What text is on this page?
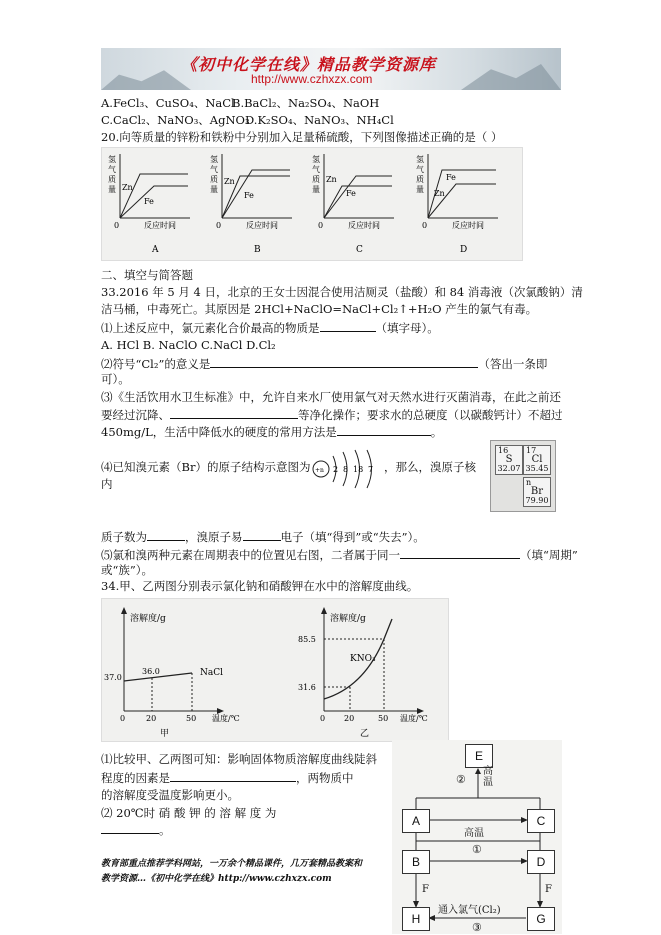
《初中化学在线》精品教学资源库
http://www.czhxzx.com
A.FeCl₃、CuSO₄、NaCl
B.BaCl₂、Na₂SO₄、NaOH
C.CaCl₂、NaNO₃、AgNO₃
D.K₂SO₄、NaNO₃、NH₄Cl
20.向等质量的锌粉和铁粉中分别加入足量稀硫酸，下列图像描述正确的是（ ）
氢
气
质
量 Zn
Fe
0	反应时间
A
氢
气
质
量
Zn
Fe
0	反应时间
B
氢
气
质
量
Zn
Fe
0	反应时间
C
氢
气
质
量
Fe
Zn
0	反应时间
D
二、填空与简答题
33.2016 年 5 月 4 日，北京的王女士因混合使用洁厕灵（盐酸）和 84 消毒液（次氯酸钠）清
洁马桶，中毒死亡。其原因是 2HCl+NaClO=NaCl+Cl₂↑+H₂O 产生的氯气有毒。
⑴上述反应中，氯元素化合价最高的物质是	（填字母）。
A. HCl B. NaClO C.NaCl D.Cl₂
⑵符号“Cl₂”的意义是	（答出一条即
可）。
⑶《生活饮用水卫生标准》中，允许自来水厂使用氯气对天然水进行灭菌消毒，在此之前还
要经过沉降、	等净化操作；要求水的总硬度（以碳酸钙计）不超过
450mg/L，生活中降低水的硬度的常用方法是	。
⑷已知溴元素（Br）的原子结构示意图为 +n 2 8 18 7 ，那么，溴原子核
内
16
S
32.07
17
Cl
35.45
n
Br
79.90
质子数为	，溴原子易	电子（填“得到”或“失去”）。
⑸氯和溴两种元素在周期表中的位置见右图，二者属于同一	（填“周期”
或“族”）。
34.甲、乙两图分别表示氯化钠和硝酸钾在水中的溶解度曲线。
溶解度/g
37.0
36.0	NaCl
0	20	50 温度/℃
甲
溶解度/g
85.5
31.6
KNO₃
0 20	50 温度/℃
乙
⑴比较甲、乙两图可知：影响固体物质溶解度曲线陡斜
程度的因素是	，两物质中
的溶解度受温度影响更小。
⑵ 20℃时 硝 酸 钾 的 溶 解 度 为
。
E
高
温
②
A	C
高温
①
B	D
F	F
H	G
通入氯气(Cl₂)
③
教育部重点推荐学科网站，一万余个精品课件，几万套精品教案和
教学资源…《初中化学在线》http://www.czhxzx.com
